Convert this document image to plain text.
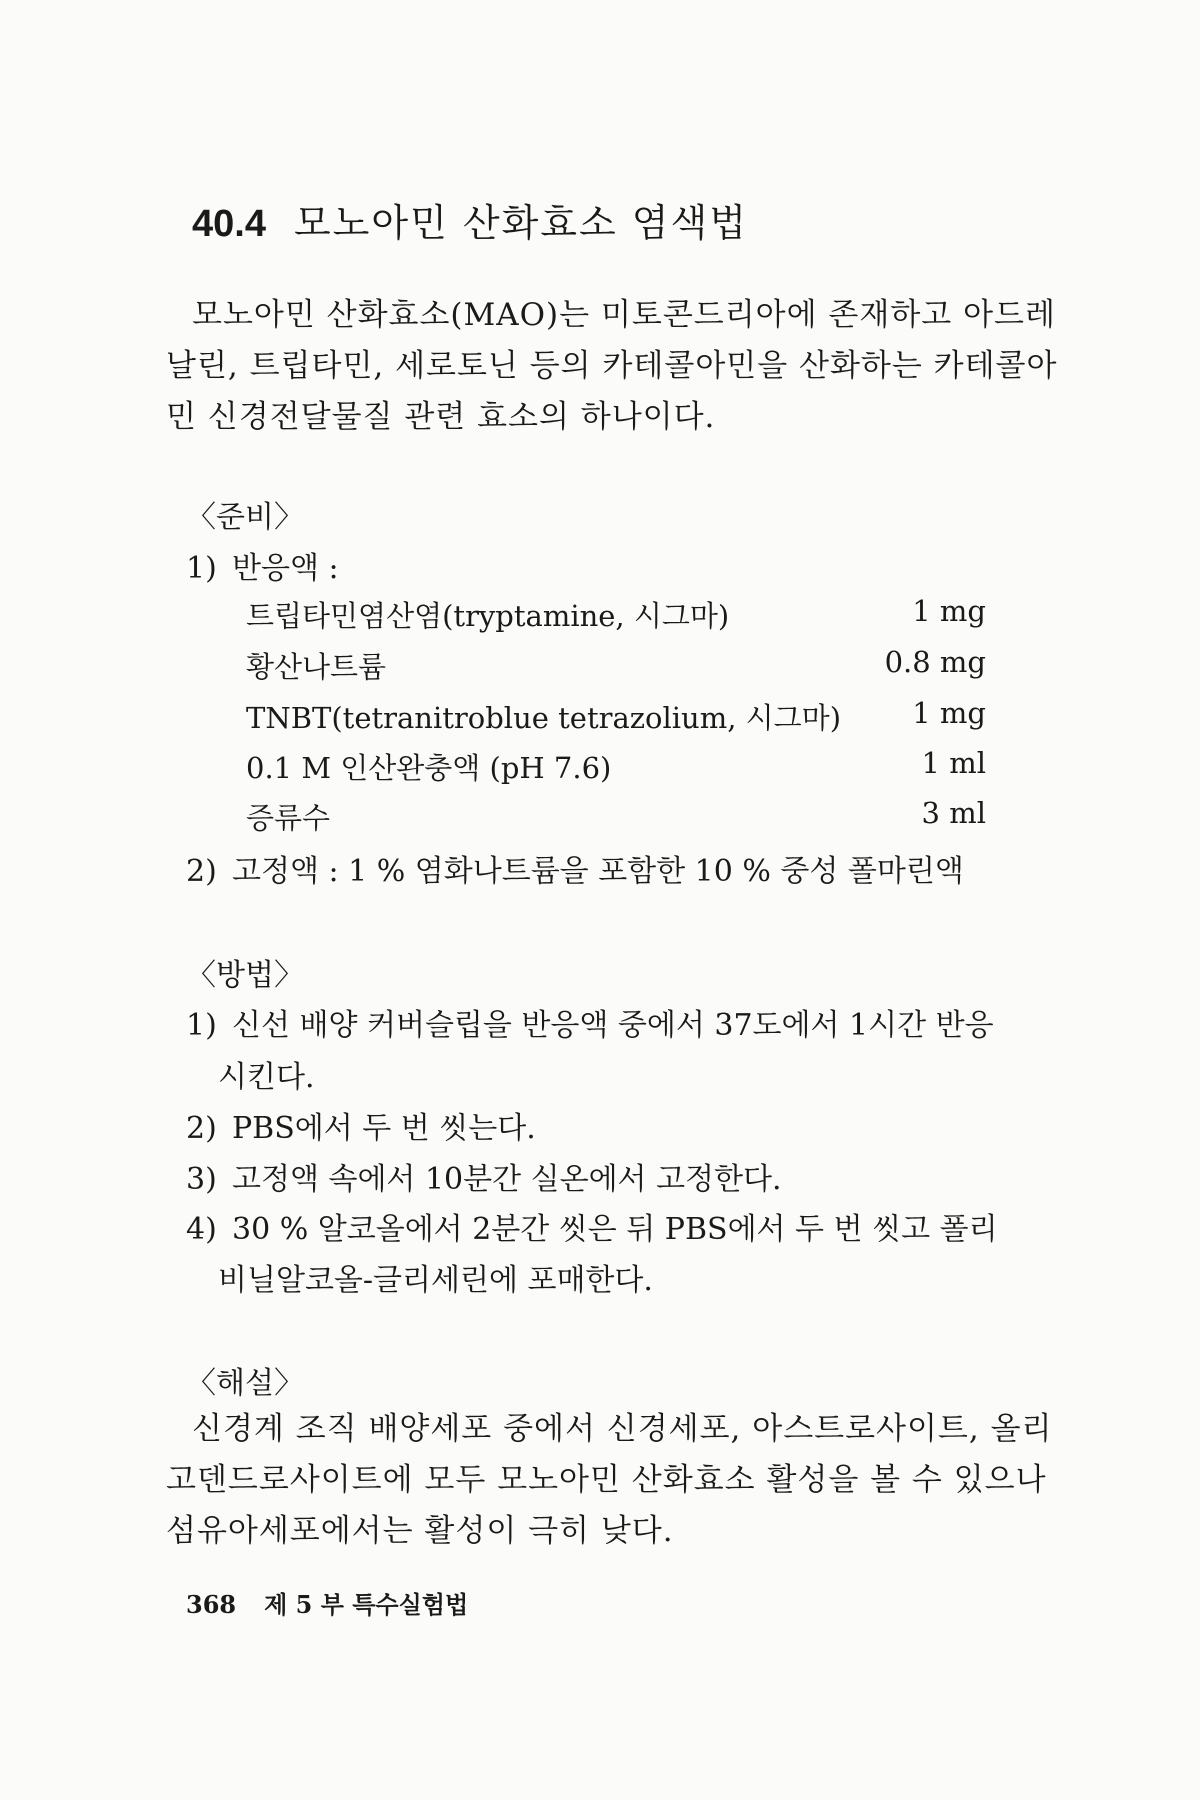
40.4 모노아민 산화효소 염색법
모노아민 산화효소(MAO)는 미토콘드리아에 존재하고 아드레
날린, 트립타민, 세로토닌 등의 카테콜아민을 산화하는 카테콜아
민 신경전달물질 관련 효소의 하나이다.
〈준비〉
1) 반응액 :
트립타민염산염(tryptamine, 시그마)	1 mg
황산나트륨	0.8 mg
TNBT(tetranitroblue tetrazolium, 시그마) 1 mg
0.1 M 인산완충액 (pH 7.6)	1 ml
증류수	3 ml
2) 고정액 : 1 % 염화나트륨을 포함한 10 % 중성 폴마린액
〈방법〉
1) 신선 배양 커버슬립을 반응액 중에서 37도에서 1시간 반응
시킨다.
2) PBS에서 두 번 씻는다.
3) 고정액 속에서 10분간 실온에서 고정한다.
4) 30 % 알코올에서 2분간 씻은 뒤 PBS에서 두 번 씻고 폴리
비닐알코올-글리세린에 포매한다.
〈해설〉
신경계 조직 배양세포 중에서 신경세포, 아스트로사이트, 올리
고덴드로사이트에 모두 모노아민 산화효소 활성을 볼 수 있으나
섬유아세포에서는 활성이 극히 낮다.
368 제 5 부 특수실험법
